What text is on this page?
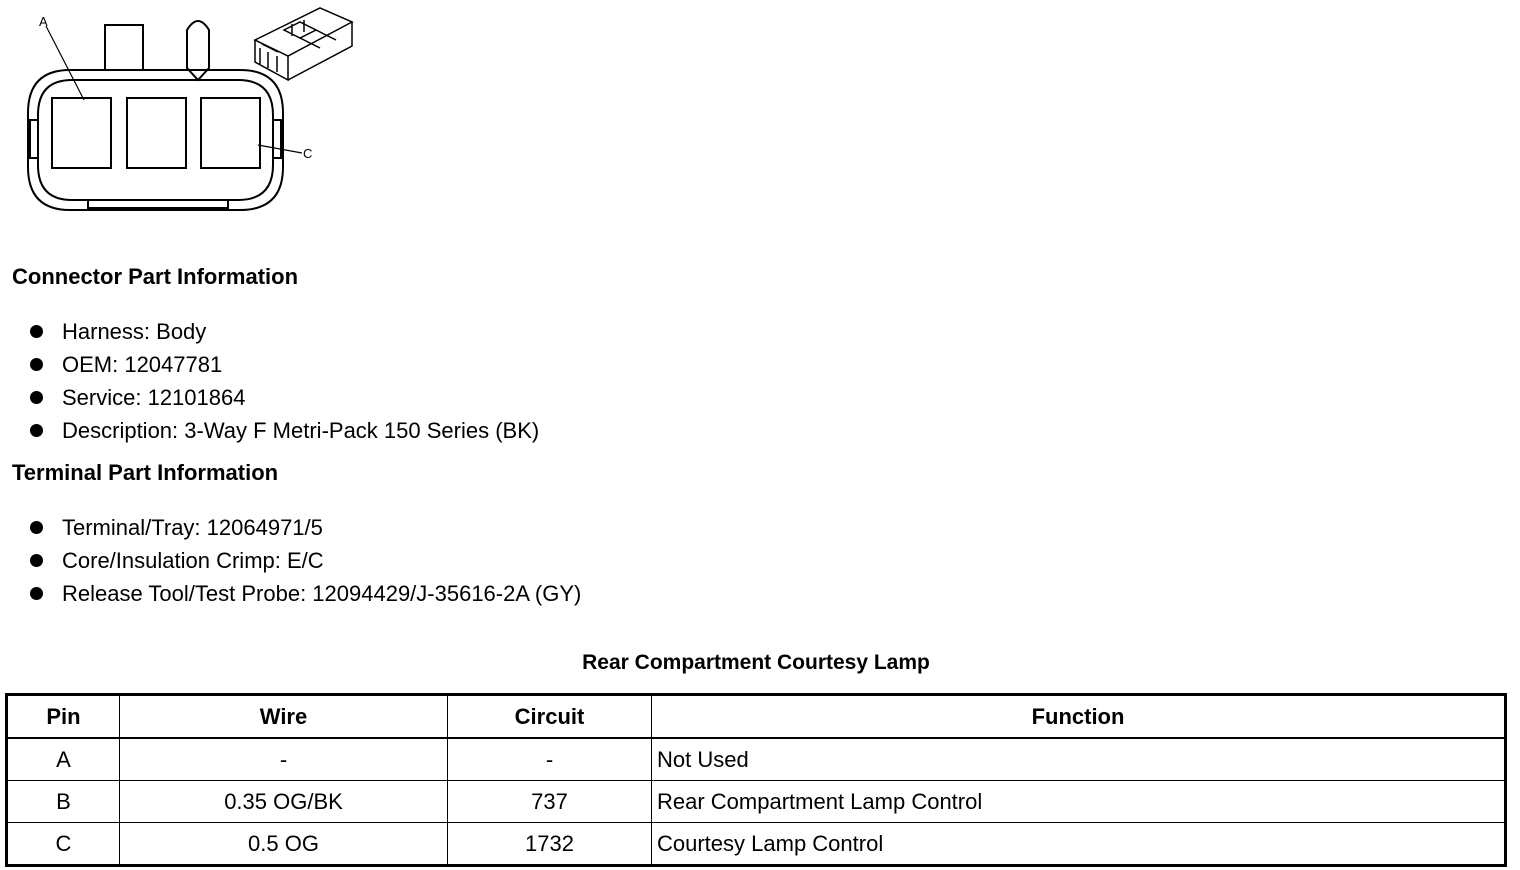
A
C
Connector Part Information
Harness: Body
OEM: 12047781
Service: 12101864
Description: 3-Way F Metri-Pack 150 Series (BK)
Terminal Part Information
Terminal/Tray: 12064971/5
Core/Insulation Crimp: E/C
Release Tool/Test Probe: 12094429/J-35616-2A (GY)
Rear Compartment Courtesy Lamp
Pin	Wire	Circuit	Function
A	-	-	Not Used
B	0.35 OG/BK	737	Rear Compartment Lamp Control
C	0.5 OG	1732	Courtesy Lamp Control
